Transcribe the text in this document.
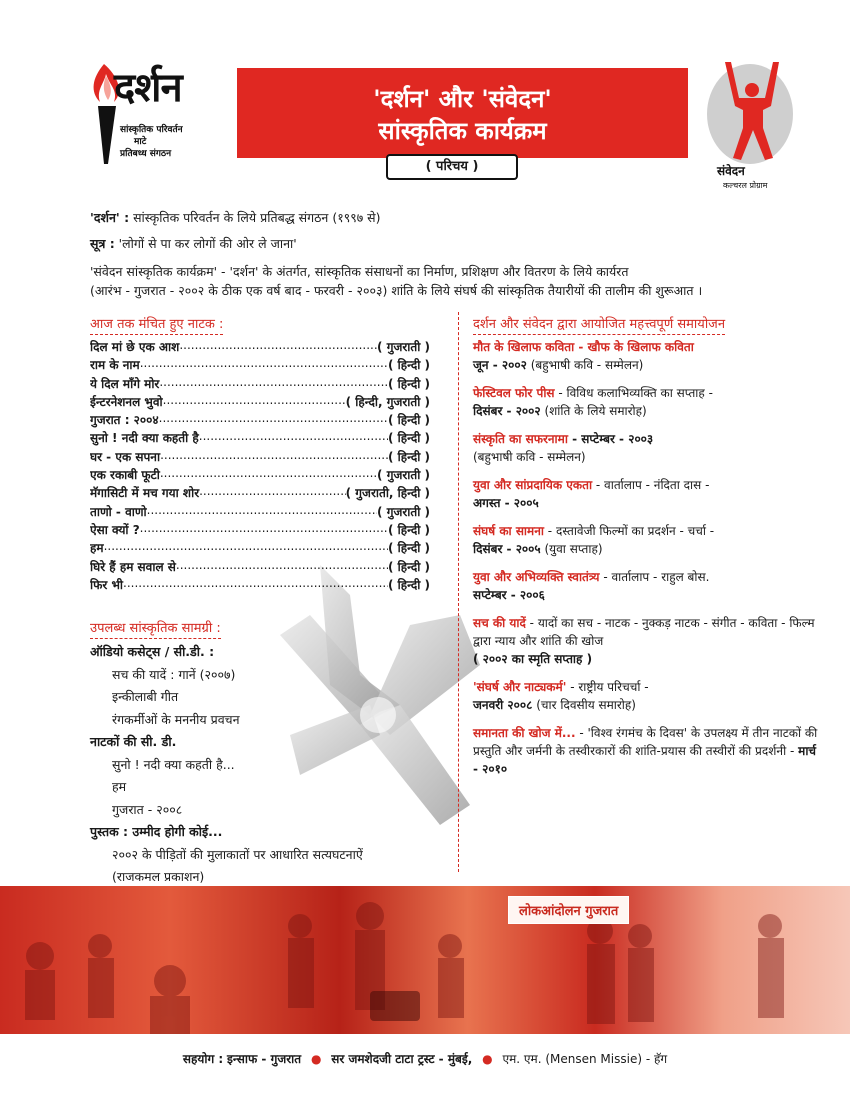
दर्शन
सांस्कृतिक परिवर्तन
माटे
प्रतिबध्ध संगठन
'दर्शन' और 'संवेदन'
सांस्कृतिक कार्यक्रम
( परिचय )
कल्चरल प्रोग्राम
संवेदन
'दर्शन' : सांस्कृतिक परिवर्तन के लिये प्रतिबद्ध संगठन (१९९७ से)
सूत्र : 'लोगों से पा कर लोगों की ओर ले जाना'
'संवेदन सांस्कृतिक कार्यक्रम' - 'दर्शन' के अंतर्गत, सांस्कृतिक संसाधनों का निर्माण, प्रशिक्षण और वितरण के लिये कार्यरत
(आरंभ - गुजरात - २००२ के ठीक एक वर्ष बाद - फरवरी - २००३) शांति के लिये संघर्ष की सांस्कृतिक तैयारीयों की तालीम की शुरूआत ।
आज तक मंचित हुए नाटक :
दिल मां छे एक आश .....	( गुजराती )
राम के नाम .....	( हिन्दी )
ये दिल माँगे मोर .....	( हिन्दी )
ईन्टरनेशनल भुवो .....	( हिन्दी, गुजराती )
गुजरात : २००४ .....	( हिन्दी )
सुनो ! नदी क्या कहती है .....	( हिन्दी )
घर - एक सपना .....	( हिन्दी )
एक रकाबी फूटी .....	( गुजराती )
मॅगासिटी में मच गया शोर .....	( गुजराती, हिन्दी )
ताणो - वाणो .....	( गुजराती )
ऐसा क्यों ? .....	( हिन्दी )
हम .....	( हिन्दी )
घिरे हैं हम सवाल से .....	( हिन्दी )
फिर भी .....	( हिन्दी )
उपलब्ध सांस्कृतिक सामग्री :
ऑडियो कसेट्स / सी.डी. :
सच की यादें : गानें (२००७)
इन्कीलाबी गीत
रंगकर्मीओं के मननीय प्रवचन
नाटकों की सी. डी.
सुनो ! नदी क्या कहती है...
हम
गुजरात - २००८
पुस्तक : उम्मीद होगी कोई...
२००२ के पीड़ितों की मुलाकातों पर आधारित सत्यघटनाऐं
(राजकमल प्रकाशन)
दर्शन और संवेदन द्वारा आयोजित महत्त्वपूर्ण समायोजन
मौत के खिलाफ कविता - खौफ के खिलाफ कविता
जून - २००२ (बहुभाषी कवि - सम्मेलन)
फेस्टिवल फोर पीस - विविध कलाभिव्यक्ति का सप्ताह -
दिसंबर - २००२ (शांति के लिये समारोह)
संस्कृति का सफरनामा - सप्टेम्बर - २००३
(बहुभाषी कवि - सम्मेलन)
युवा और सांप्रदायिक एकता - वार्तालाप - नंदिता दास -
अगस्त - २००५
संघर्ष का सामना - दस्तावेजी फिल्मों का प्रदर्शन - चर्चा -
दिसंबर - २००५ (युवा सप्ताह)
युवा और अभिव्यक्ति स्वातंत्र्य - वार्तालाप - राहुल बोस.
सप्टेम्बर - २००६
सच की यादें - यादों का सच - नाटक - नुक्कड़ नाटक - संगीत - कविता - फिल्म द्वारा न्याय और शांति की खोज
( २००२ का स्मृति सप्ताह )
'संघर्ष और नाट्यकर्म' - राष्ट्रीय परिचर्चा -
जनवरी २००८ (चार दिवसीय समारोह)
समानता की खोज में... - 'विश्व रंगमंच के दिवस' के उपलक्ष्य में तीन नाटकों की प्रस्तुति और जर्मनी के तस्वीरकारों की शांति-प्रयास की तस्वीरों की प्रदर्शनी - मार्च - २०१०
लोकआंदोलन गुजरात
सहयोग : इन्साफ - गुजरात ● सर जमशेदजी टाटा ट्रस्ट - मुंबई, ● एम. एम. (Mensen Missie) - हॅग
